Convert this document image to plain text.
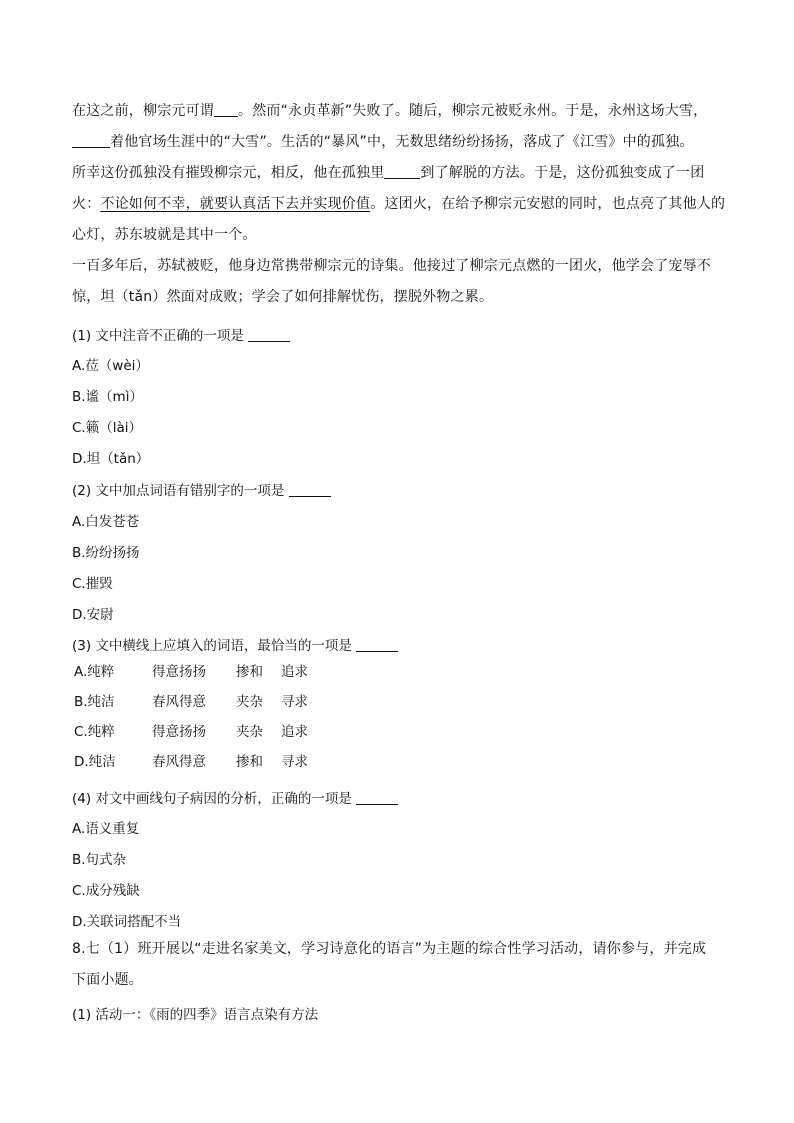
在这之前，柳宗元可谓 。然而“永贞革新”失败了。随后，柳宗元被贬永州。于是，永州这场大雪，
着他官场生涯中的“大雪”。生活的“暴风”中，无数思绪纷纷扬扬，落成了《江雪》中的孤独。
所幸这份孤独没有摧毁柳宗元，相反，他在孤独里	到了解脱的方法。于是，这份孤独变成了一团
火：不论如何不幸，就要认真活下去并实现价值。这团火，在给予柳宗元安慰的同时，也点亮了其他人的
心灯，苏东坡就是其中一个。
一百多年后，苏轼被贬，他身边常携带柳宗元的诗集。他接过了柳宗元点燃的一团火，他学会了宠辱不
惊，坦（tǎn）然面对成败；学会了如何排解忧伤，摆脱外物之累。
(1) 文中注音不正确的一项是
A.莅（wèi）
B.谧（mì）
C.籁（lài）
D.坦（tǎn）
(2) 文中加点词语有错别字的一项是
A.白发苍苍
B.纷纷扬扬
C.摧毁
D.安尉
(3) 文中横线上应填入的词语，最恰当的一项是
A.纯粹	得意扬扬 掺和 追求
B.纯洁	春风得意 夹杂 寻求
C.纯粹	得意扬扬 夹杂 追求
D.纯洁	春风得意 掺和 寻求
(4) 对文中画线句子病因的分析，正确的一项是
A.语义重复
B.句式杂
C.成分残缺
D.关联词搭配不当
8.七（1）班开展以“走进名家美文，学习诗意化的语言”为主题的综合性学习活动，请你参与，并完成
下面小题。
(1) 活动一：《雨的四季》语言点染有方法
